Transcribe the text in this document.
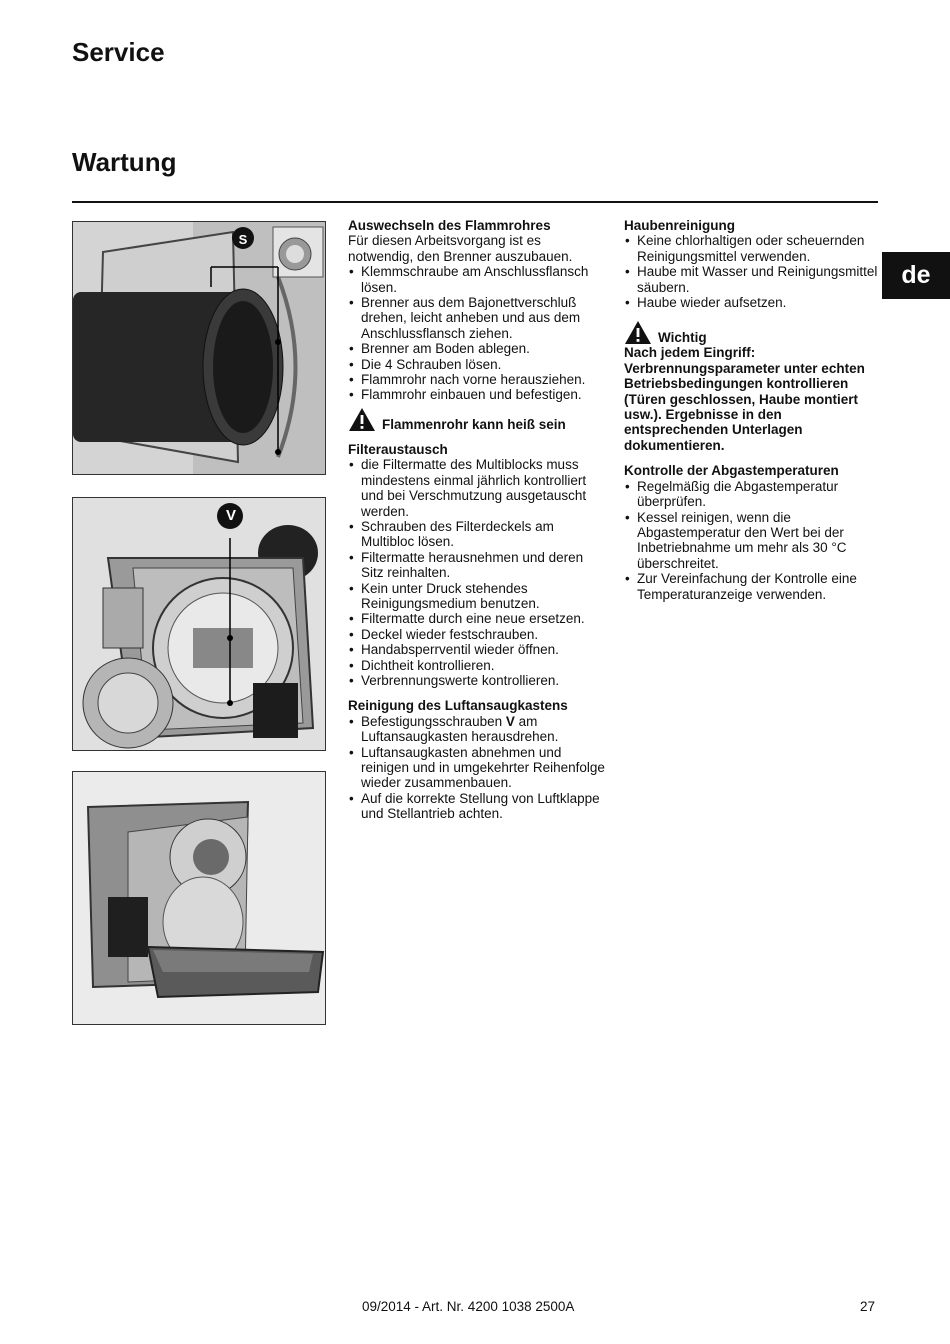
Service
Wartung
de
S
V

Auswechseln des Flammrohres

Für diesen Arbeitsvorgang ist es notwendig, den Brenner auszubauen.

• Klemmschraube am Anschlussflansch lösen.
• Brenner aus dem Bajonettverschluß drehen, leicht anheben und aus dem Anschlussflansch ziehen.
• Brenner am Boden ablegen.
• Die 4 Schrauben lösen.
• Flammrohr nach vorne herausziehen.
• Flammrohr einbauen und befestigen.
Flammenrohr kann heiß sein

Filteraustausch

• die Filtermatte des Multiblocks muss mindestens einmal jährlich kontrolliert und bei Verschmutzung ausgetauscht werden.
• Schrauben des Filterdeckels am Multibloc lösen.
• Filtermatte herausnehmen und deren Sitz reinhalten.
• Kein unter Druck stehendes Reinigungsmedium benutzen.
• Filtermatte durch eine neue ersetzen.
• Deckel wieder festschrauben.
• Handabsperrventil wieder öffnen.
• Dichtheit kontrollieren.
• Verbrennungswerte kontrollieren.

Reinigung des Luftansaugkastens

• Befestigungsschrauben V am Luftansaugkasten herausdrehen.
• Luftansaugkasten abnehmen und reinigen und in umgekehrter Reihenfolge wieder zusammenbauen.
• Auf die korrekte Stellung von Luftklappe und Stellantrieb achten.

Haubenreinigung

• Keine chlorhaltigen oder scheuernden Reinigungsmittel verwenden.
• Haube mit Wasser und Reinigungsmittel säubern.
• Haube wieder aufsetzen.
Wichtig

Nach jedem Eingriff: Verbrennungsparameter unter echten Betriebsbedingungen kontrollieren (Türen geschlossen, Haube montiert usw.). Ergebnisse in den entsprechenden Unterlagen dokumentieren.

Kontrolle der Abgastemperaturen

• Regelmäßig die Abgastemperatur überprüfen.
• Kessel reinigen, wenn die Abgastemperatur den Wert bei der Inbetriebnahme um mehr als 30 °C überschreitet.
• Zur Vereinfachung der Kontrolle eine Temperaturanzeige verwenden.
09/2014 - Art. Nr. 4200 1038 2500A	27
